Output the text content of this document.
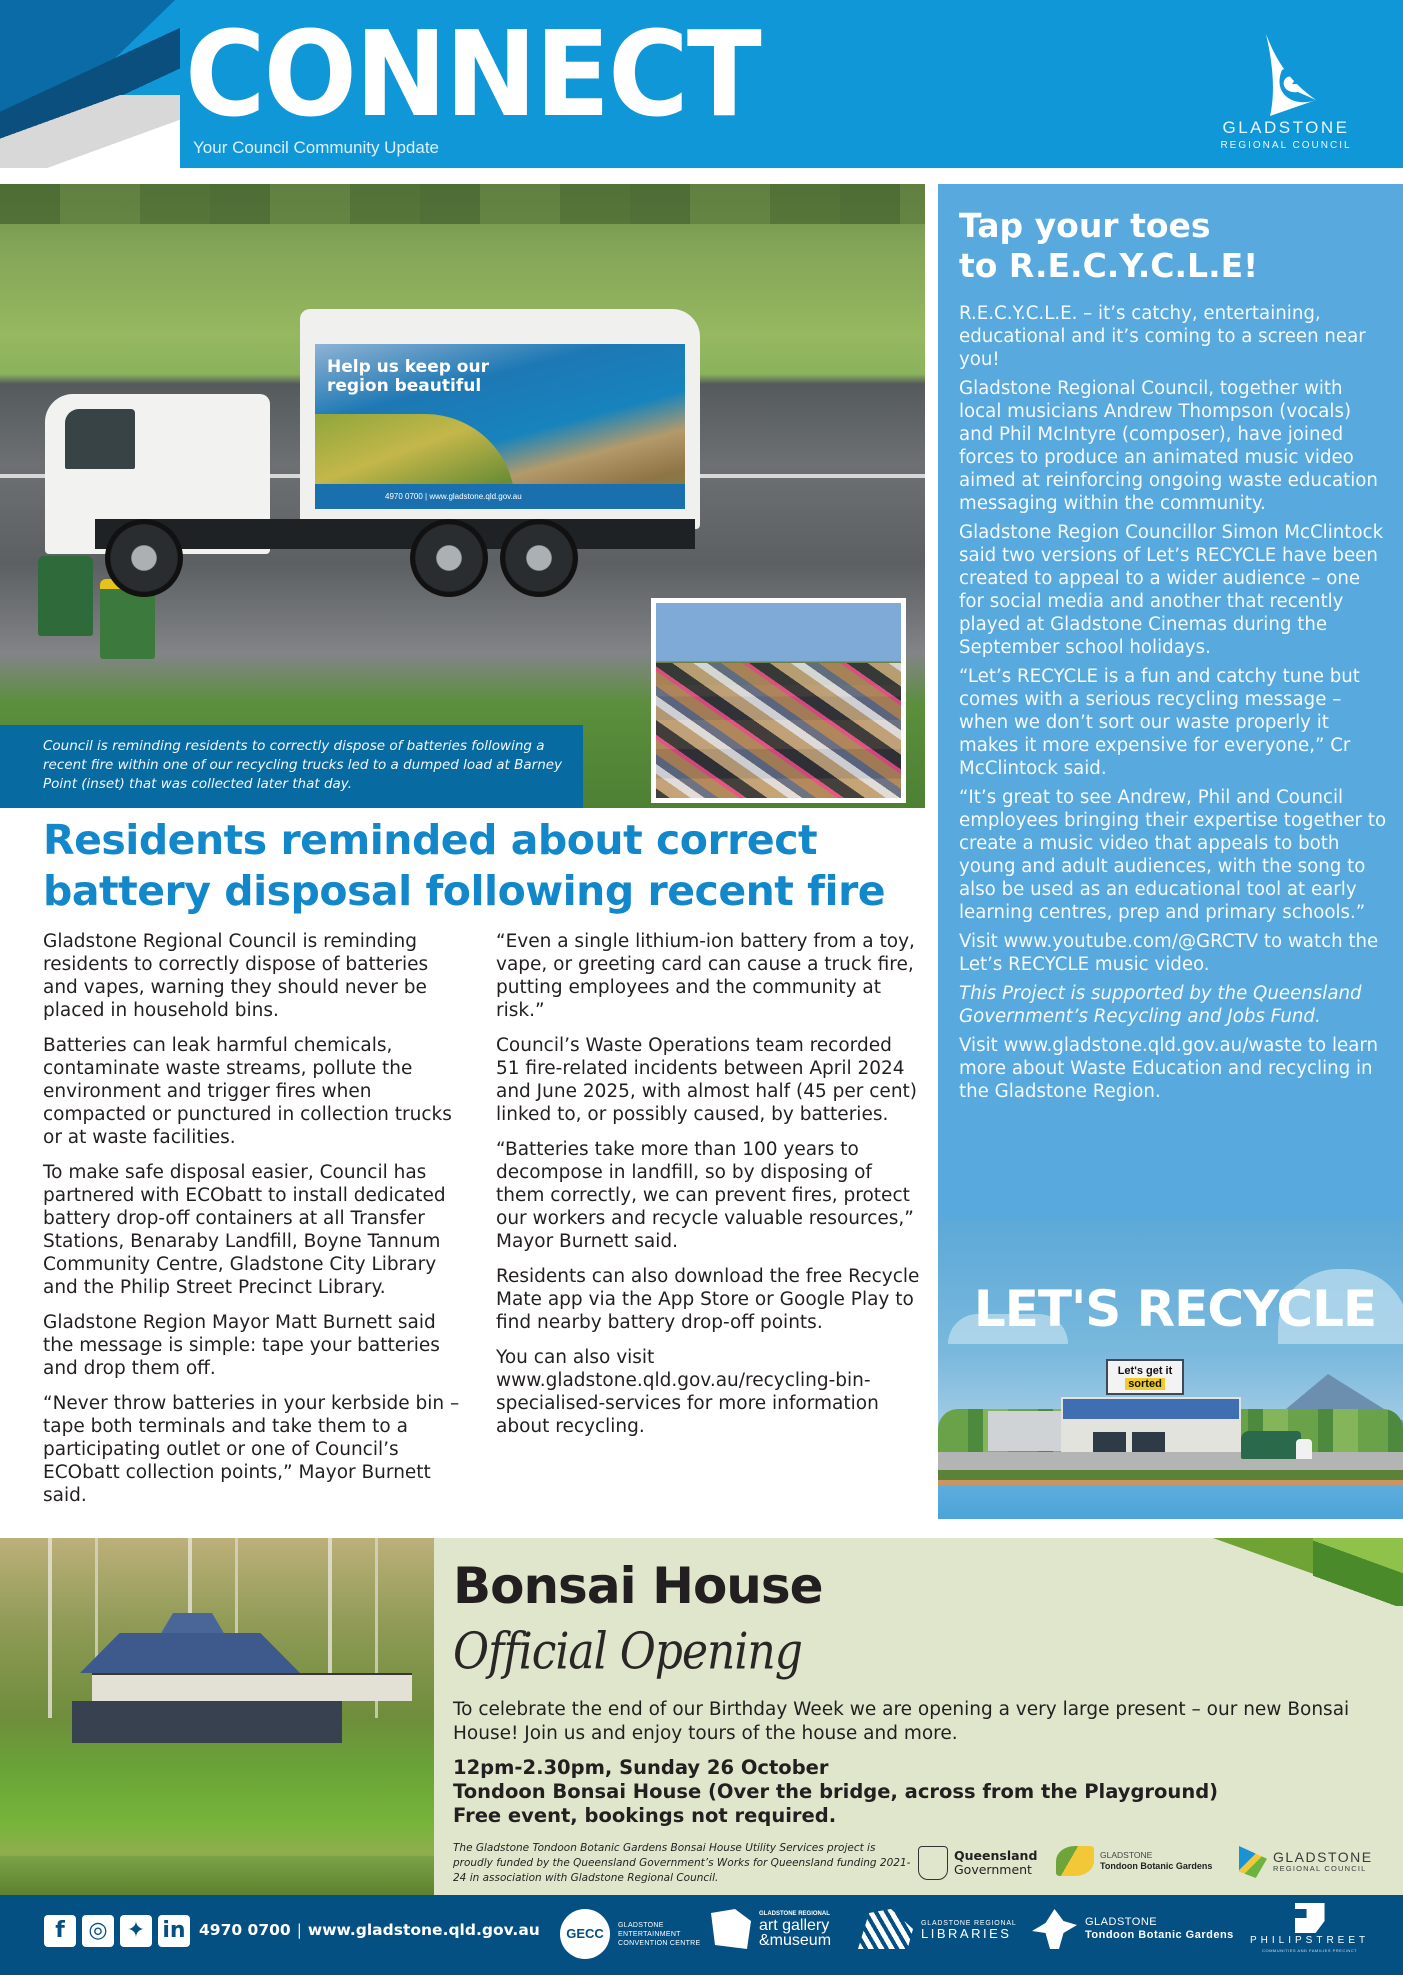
CONNECT
Your Council Community Update
GLADSTONE
REGIONAL COUNCIL
Help us keep our
region beautiful
4970 0700 | www.gladstone.qld.gov.au
Council is reminding residents to correctly dispose of batteries following a recent fire within one of our recycling trucks led to a dumped load at Barney Point (inset) that was collected later that day.
Residents reminded about correct battery disposal following recent fire

Gladstone Regional Council is reminding residents to correctly dispose of batteries and vapes, warning they should never be placed in household bins.

Batteries can leak harmful chemicals, contaminate waste streams, pollute the environment and trigger fires when compacted or punctured in collection trucks or at waste facilities.

To make safe disposal easier, Council has partnered with ECObatt to install dedicated battery drop-off containers at all Transfer Stations, Benaraby Landfill, Boyne Tannum Community Centre, Gladstone City Library and the Philip Street Precinct Library.

Gladstone Region Mayor Matt Burnett said the message is simple: tape your batteries and drop them off.

“Never throw batteries in your kerbside bin – tape both terminals and take them to a participating outlet or one of Council’s ECObatt collection points,” Mayor Burnett said.

“Even a single lithium-ion battery from a toy, vape, or greeting card can cause a truck fire, putting employees and the community at risk.”

Council’s Waste Operations team recorded 51 fire-related incidents between April 2024 and June 2025, with almost half (45 per cent) linked to, or possibly caused, by batteries.

“Batteries take more than 100 years to decompose in landfill, so by disposing of them correctly, we can prevent fires, protect our workers and recycle valuable resources,” Mayor Burnett said.

Residents can also download the free Recycle Mate app via the App Store or Google Play to find nearby battery drop-off points.

You can also visit www.gladstone.qld.gov.au/recycling-bin-specialised-services for more information about recycling.

Tap your toes
to R.E.C.Y.C.L.E!

R.E.C.Y.C.L.E. – it’s catchy, entertaining, educational and it’s coming to a screen near you!

Gladstone Regional Council, together with local musicians Andrew Thompson (vocals) and Phil McIntyre (composer), have joined forces to produce an animated music video aimed at reinforcing ongoing waste education messaging within the community.

Gladstone Region Councillor Simon McClintock said two versions of Let’s RECYCLE have been created to appeal to a wider audience – one for social media and another that recently played at Gladstone Cinemas during the September school holidays.

“Let’s RECYCLE is a fun and catchy tune but comes with a serious recycling message – when we don’t sort our waste properly it makes it more expensive for everyone,” Cr McClintock said.

“It’s great to see Andrew, Phil and Council employees bringing their expertise together to create a music video that appeals to both young and adult audiences, with the song to also be used as an educational tool at early learning centres, prep and primary schools.”

Visit www.youtube.com/@GRCTV to watch the Let’s RECYCLE music video.

This Project is supported by the Queensland Government’s Recycling and Jobs Fund.

Visit www.gladstone.qld.gov.au/waste to learn more about Waste Education and recycling in the Gladstone Region.

LET'S RECYCLE
Let's get it
sorted
Bonsai House
Official Opening

To celebrate the end of our Birthday Week we are opening a very large present – our new Bonsai House! Join us and enjoy tours of the house and more.

12pm-2.30pm, Sunday 26 October
Tondoon Bonsai House (Over the bridge, across from the Playground)
Free event, bookings not required.

The Gladstone Tondoon Botanic Gardens Bonsai House Utility Services project is proudly funded by the Queensland Government’s Works for Queensland funding 2021-24 in association with Gladstone Regional Council.

Queensland
Government
GLADSTONE
Tondoon Botanic Gardens
GLADSTONE
REGIONAL COUNCIL
f	◎ ✦ in 4970 0700 | www.gladstone.qld.gov.au	GECC
GLADSTONE
ENTERTAINMENT
CONVENTION CENTRE
GLADSTONE REGIONAL
art gallery
&museum
GLADSTONE REGIONAL
LIBRARIES
GLADSTONE
Tondoon Botanic Gardens PHILIPSTREET
COMMUNITIES AND FAMILIES PRECINCT
